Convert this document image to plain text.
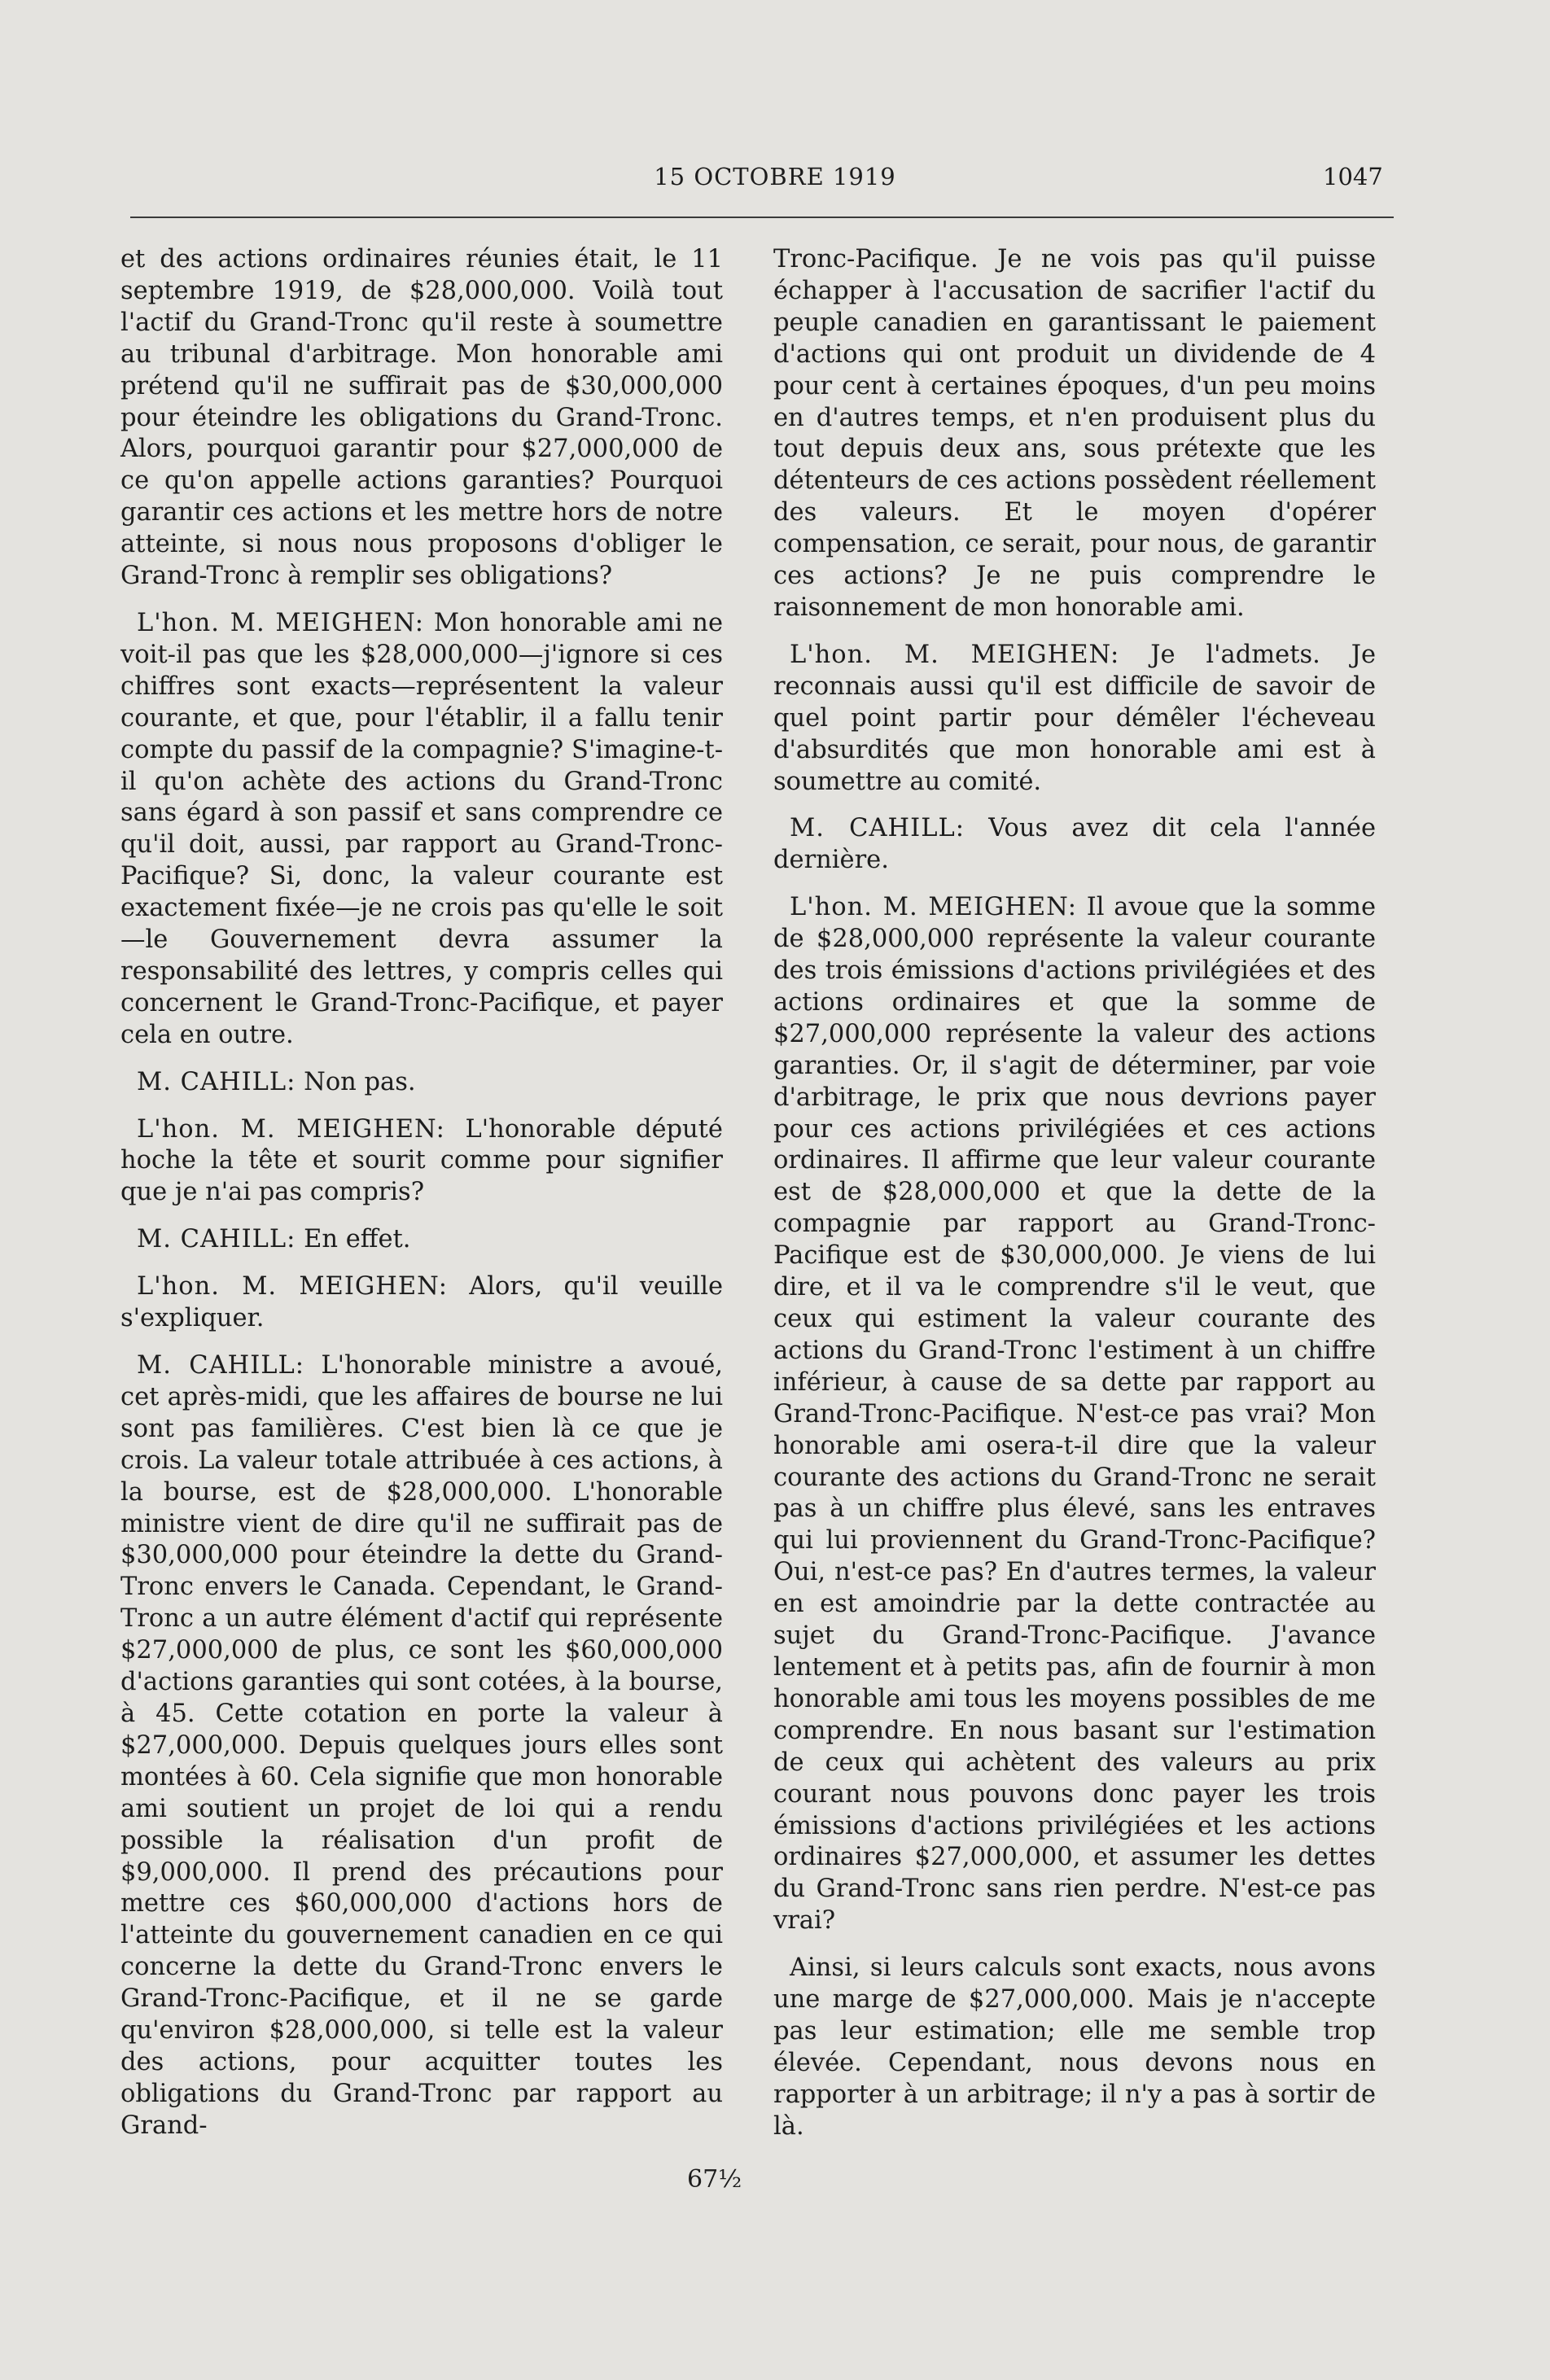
15 OCTOBRE 1919	1047

et des actions ordinaires réunies était, le 11 septembre 1919, de $28,000,000. Voilà tout l'actif du Grand-Tronc qu'il reste à soumettre au tribunal d'arbitrage. Mon honorable ami prétend qu'il ne suffirait pas de $30,000,000 pour éteindre les obligations du Grand-Tronc. Alors, pourquoi garantir pour $27,000,000 de ce qu'on appelle actions garanties? Pourquoi garantir ces actions et les mettre hors de notre atteinte, si nous nous proposons d'obliger le Grand-Tronc à remplir ses obligations?

L'hon. M. MEIGHEN: Mon honorable ami ne voit-il pas que les $28,000,000—j'ignore si ces chiffres sont exacts—représentent la valeur courante, et que, pour l'établir, il a fallu tenir compte du passif de la compagnie? S'imagine-t-il qu'on achète des actions du Grand-Tronc sans égard à son passif et sans comprendre ce qu'il doit, aussi, par rapport au Grand-Tronc-Pacifique? Si, donc, la valeur courante est exactement fixée—je ne crois pas qu'elle le soit—le Gouvernement devra assumer la responsabilité des lettres, y compris celles qui concernent le Grand-Tronc-Pacifique, et payer cela en outre.

M. CAHILL: Non pas.

L'hon. M. MEIGHEN: L'honorable député hoche la tête et sourit comme pour signifier que je n'ai pas compris?

M. CAHILL: En effet.

L'hon. M. MEIGHEN: Alors, qu'il veuille s'expliquer.

M. CAHILL: L'honorable ministre a avoué, cet après-midi, que les affaires de bourse ne lui sont pas familières. C'est bien là ce que je crois. La valeur totale attribuée à ces actions, à la bourse, est de $28,000,000. L'honorable ministre vient de dire qu'il ne suffirait pas de $30,000,000 pour éteindre la dette du Grand-Tronc envers le Canada. Cependant, le Grand-Tronc a un autre élément d'actif qui représente $27,000,000 de plus, ce sont les $60,000,000 d'actions garanties qui sont cotées, à la bourse, à 45. Cette cotation en porte la valeur à $27,000,000. Depuis quelques jours elles sont montées à 60. Cela signifie que mon honorable ami soutient un projet de loi qui a rendu possible la réalisation d'un profit de $9,000,000. Il prend des précautions pour mettre ces $60,000,000 d'actions hors de l'atteinte du gouvernement canadien en ce qui concerne la dette du Grand-Tronc envers le Grand-Tronc-Pacifique, et il ne se garde qu'environ $28,000,000, si telle est la valeur des actions, pour acquitter toutes les obligations du Grand-Tronc par rapport au Grand-

Tronc-Pacifique. Je ne vois pas qu'il puisse échapper à l'accusation de sacrifier l'actif du peuple canadien en garantissant le paiement d'actions qui ont produit un dividende de 4 pour cent à certaines époques, d'un peu moins en d'autres temps, et n'en produisent plus du tout depuis deux ans, sous prétexte que les détenteurs de ces actions possèdent réellement des valeurs. Et le moyen d'opérer compensation, ce serait, pour nous, de garantir ces actions? Je ne puis comprendre le raisonnement de mon honorable ami.

L'hon. M. MEIGHEN: Je l'admets. Je reconnais aussi qu'il est difficile de savoir de quel point partir pour démêler l'écheveau d'absurdités que mon honorable ami est à soumettre au comité.

M. CAHILL: Vous avez dit cela l'année dernière.

L'hon. M. MEIGHEN: Il avoue que la somme de $28,000,000 représente la valeur courante des trois émissions d'actions privilégiées et des actions ordinaires et que la somme de $27,000,000 représente la valeur des actions garanties. Or, il s'agit de déterminer, par voie d'arbitrage, le prix que nous devrions payer pour ces actions privilégiées et ces actions ordinaires. Il affirme que leur valeur courante est de $28,000,000 et que la dette de la compagnie par rapport au Grand-Tronc-Pacifique est de $30,000,000. Je viens de lui dire, et il va le comprendre s'il le veut, que ceux qui estiment la valeur courante des actions du Grand-Tronc l'estiment à un chiffre inférieur, à cause de sa dette par rapport au Grand-Tronc-Pacifique. N'est-ce pas vrai? Mon honorable ami osera-t-il dire que la valeur courante des actions du Grand-Tronc ne serait pas à un chiffre plus élevé, sans les entraves qui lui proviennent du Grand-Tronc-Pacifique? Oui, n'est-ce pas? En d'autres termes, la valeur en est amoindrie par la dette contractée au sujet du Grand-Tronc-Pacifique. J'avance lentement et à petits pas, afin de fournir à mon honorable ami tous les moyens possibles de me comprendre. En nous basant sur l'estimation de ceux qui achètent des valeurs au prix courant nous pouvons donc payer les trois émissions d'actions privilégiées et les actions ordinaires $27,000,000, et assumer les dettes du Grand-Tronc sans rien perdre. N'est-ce pas vrai?

Ainsi, si leurs calculs sont exacts, nous avons une marge de $27,000,000. Mais je n'accepte pas leur estimation; elle me semble trop élevée. Cependant, nous devons nous en rapporter à un arbitrage; il n'y a pas à sortir de là.

67½
